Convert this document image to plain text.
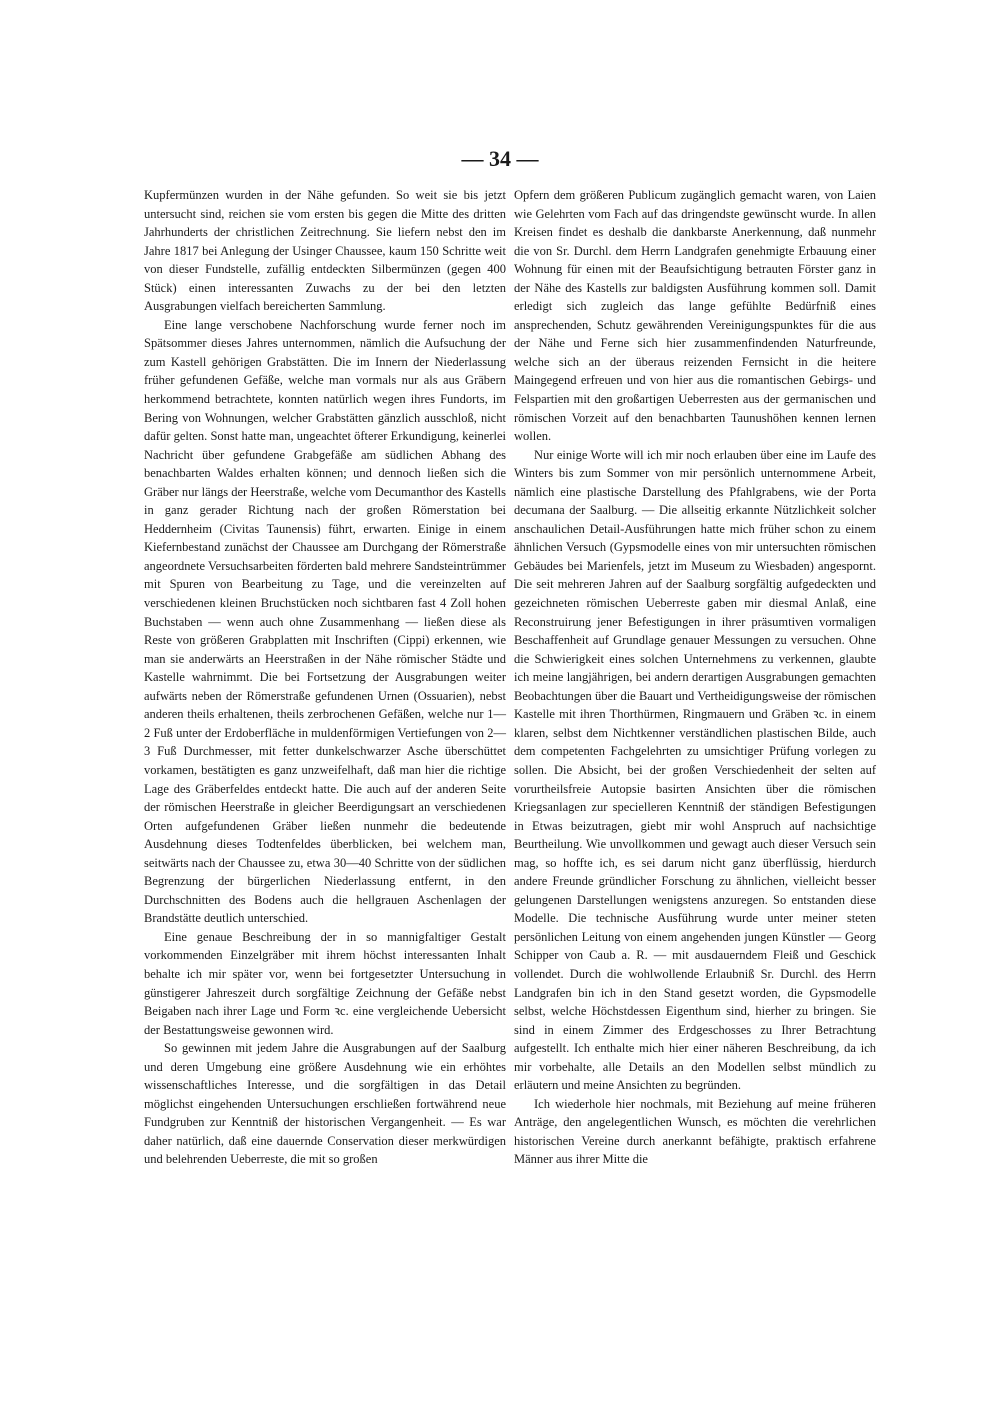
— 34 —

Kupfermünzen wurden in der Nähe gefunden. So weit sie bis jetzt untersucht sind, reichen sie vom ersten bis gegen die Mitte des dritten Jahrhunderts der christlichen Zeitrechnung. Sie liefern nebst den im Jahre 1817 bei Anlegung der Usinger Chaussee, kaum 150 Schritte weit von dieser Fundstelle, zufällig entdeckten Silbermünzen (gegen 400 Stück) einen interessanten Zuwachs zu der bei den letzten Ausgrabungen vielfach bereicherten Sammlung.

Eine lange verschobene Nachforschung wurde ferner noch im Spätsommer dieses Jahres unternommen, nämlich die Aufsuchung der zum Kastell gehörigen Grabstätten. Die im Innern der Niederlassung früher gefundenen Gefäße, welche man vormals nur als aus Gräbern herkommend betrachtete, konnten natürlich wegen ihres Fundorts, im Bering von Wohnungen, welcher Grabstätten gänzlich ausschloß, nicht dafür gelten. Sonst hatte man, ungeachtet öfterer Erkundigung, keinerlei Nachricht über gefundene Grabgefäße am südlichen Abhang des benachbarten Waldes erhalten können; und dennoch ließen sich die Gräber nur längs der Heerstraße, welche vom Decumanthor des Kastells in ganz gerader Richtung nach der großen Römerstation bei Heddernheim (Civitas Taunensis) führt, erwarten. Einige in einem Kiefernbestand zunächst der Chaussee am Durchgang der Römerstraße angeordnete Versuchsarbeiten förderten bald mehrere Sandsteintrümmer mit Spuren von Bearbeitung zu Tage, und die vereinzelten auf verschiedenen kleinen Bruchstücken noch sichtbaren fast 4 Zoll hohen Buchstaben — wenn auch ohne Zusammenhang — ließen diese als Reste von größeren Grabplatten mit Inschriften (Cippi) erkennen, wie man sie anderwärts an Heerstraßen in der Nähe römischer Städte und Kastelle wahrnimmt. Die bei Fortsetzung der Ausgrabungen weiter aufwärts neben der Römerstraße gefundenen Urnen (Ossuarien), nebst anderen theils erhaltenen, theils zerbrochenen Gefäßen, welche nur 1—2 Fuß unter der Erdoberfläche in muldenförmigen Vertiefungen von 2—3 Fuß Durchmesser, mit fetter dunkelschwarzer Asche überschüttet vorkamen, bestätigten es ganz unzweifelhaft, daß man hier die richtige Lage des Gräberfeldes entdeckt hatte. Die auch auf der anderen Seite der römischen Heerstraße in gleicher Beerdigungsart an verschiedenen Orten aufgefundenen Gräber ließen nunmehr die bedeutende Ausdehnung dieses Todtenfeldes überblicken, bei welchem man, seitwärts nach der Chaussee zu, etwa 30—40 Schritte von der südlichen Begrenzung der bürgerlichen Niederlassung entfernt, in den Durchschnitten des Bodens auch die hellgrauen Aschenlagen der Brandstätte deutlich unterschied.

Eine genaue Beschreibung der in so mannigfaltiger Gestalt vorkommenden Einzelgräber mit ihrem höchst interessanten Inhalt behalte ich mir später vor, wenn bei fortgesetzter Untersuchung in günstigerer Jahreszeit durch sorgfältige Zeichnung der Gefäße nebst Beigaben nach ihrer Lage und Form ꝛc. eine vergleichende Uebersicht der Bestattungsweise gewonnen wird.

So gewinnen mit jedem Jahre die Ausgrabungen auf der Saalburg und deren Umgebung eine größere Ausdehnung wie ein erhöhtes wissenschaftliches Interesse, und die sorgfältigen in das Detail möglichst eingehenden Untersuchungen erschließen fortwährend neue Fundgruben zur Kenntniß der historischen Vergangenheit. — Es war daher natürlich, daß eine dauernde Conservation dieser merkwürdigen und belehrenden Ueberreste, die mit so großen

Opfern dem größeren Publicum zugänglich gemacht waren, von Laien wie Gelehrten vom Fach auf das dringendste gewünscht wurde. In allen Kreisen findet es deshalb die dankbarste Anerkennung, daß nunmehr die von Sr. Durchl. dem Herrn Landgrafen genehmigte Erbauung einer Wohnung für einen mit der Beaufsichtigung betrauten Förster ganz in der Nähe des Kastells zur baldigsten Ausführung kommen soll. Damit erledigt sich zugleich das lange gefühlte Bedürfniß eines ansprechenden, Schutz gewährenden Vereinigungspunktes für die aus der Nähe und Ferne sich hier zusammenfindenden Naturfreunde, welche sich an der überaus reizenden Fernsicht in die heitere Maingegend erfreuen und von hier aus die romantischen Gebirgs- und Felspartien mit den großartigen Ueberresten aus der germanischen und römischen Vorzeit auf den benachbarten Taunushöhen kennen lernen wollen.

Nur einige Worte will ich mir noch erlauben über eine im Laufe des Winters bis zum Sommer von mir persönlich unternommene Arbeit, nämlich eine plastische Darstellung des Pfahlgrabens, wie der Porta decumana der Saalburg. — Die allseitig erkannte Nützlichkeit solcher anschaulichen Detail-Ausführungen hatte mich früher schon zu einem ähnlichen Versuch (Gypsmodelle eines von mir untersuchten römischen Gebäudes bei Marienfels, jetzt im Museum zu Wiesbaden) angespornt. Die seit mehreren Jahren auf der Saalburg sorgfältig aufgedeckten und gezeichneten römischen Ueberreste gaben mir diesmal Anlaß, eine Reconstruirung jener Befestigungen in ihrer präsumtiven vormaligen Beschaffenheit auf Grundlage genauer Messungen zu versuchen. Ohne die Schwierigkeit eines solchen Unternehmens zu verkennen, glaubte ich meine langjährigen, bei andern derartigen Ausgrabungen gemachten Beobachtungen über die Bauart und Vertheidigungsweise der römischen Kastelle mit ihren Thorthürmen, Ringmauern und Gräben ꝛc. in einem klaren, selbst dem Nichtkenner verständlichen plastischen Bilde, auch dem competenten Fachgelehrten zu umsichtiger Prüfung vorlegen zu sollen. Die Absicht, bei der großen Verschiedenheit der selten auf vorurtheilsfreie Autopsie basirten Ansichten über die römischen Kriegsanlagen zur specielleren Kenntniß der ständigen Befestigungen in Etwas beizutragen, giebt mir wohl Anspruch auf nachsichtige Beurtheilung. Wie unvollkommen und gewagt auch dieser Versuch sein mag, so hoffte ich, es sei darum nicht ganz überflüssig, hierdurch andere Freunde gründlicher Forschung zu ähnlichen, vielleicht besser gelungenen Darstellungen wenigstens anzuregen. So entstanden diese Modelle. Die technische Ausführung wurde unter meiner steten persönlichen Leitung von einem angehenden jungen Künstler — Georg Schipper von Caub a. R. — mit ausdauerndem Fleiß und Geschick vollendet. Durch die wohlwollende Erlaubniß Sr. Durchl. des Herrn Landgrafen bin ich in den Stand gesetzt worden, die Gypsmodelle selbst, welche Höchstdessen Eigenthum sind, hierher zu bringen. Sie sind in einem Zimmer des Erdgeschosses zu Ihrer Betrachtung aufgestellt. Ich enthalte mich hier einer näheren Beschreibung, da ich mir vorbehalte, alle Details an den Modellen selbst mündlich zu erläutern und meine Ansichten zu begründen.

Ich wiederhole hier nochmals, mit Beziehung auf meine früheren Anträge, den angelegentlichen Wunsch, es möchten die verehrlichen historischen Vereine durch anerkannt befähigte, praktisch erfahrene Männer aus ihrer Mitte die
